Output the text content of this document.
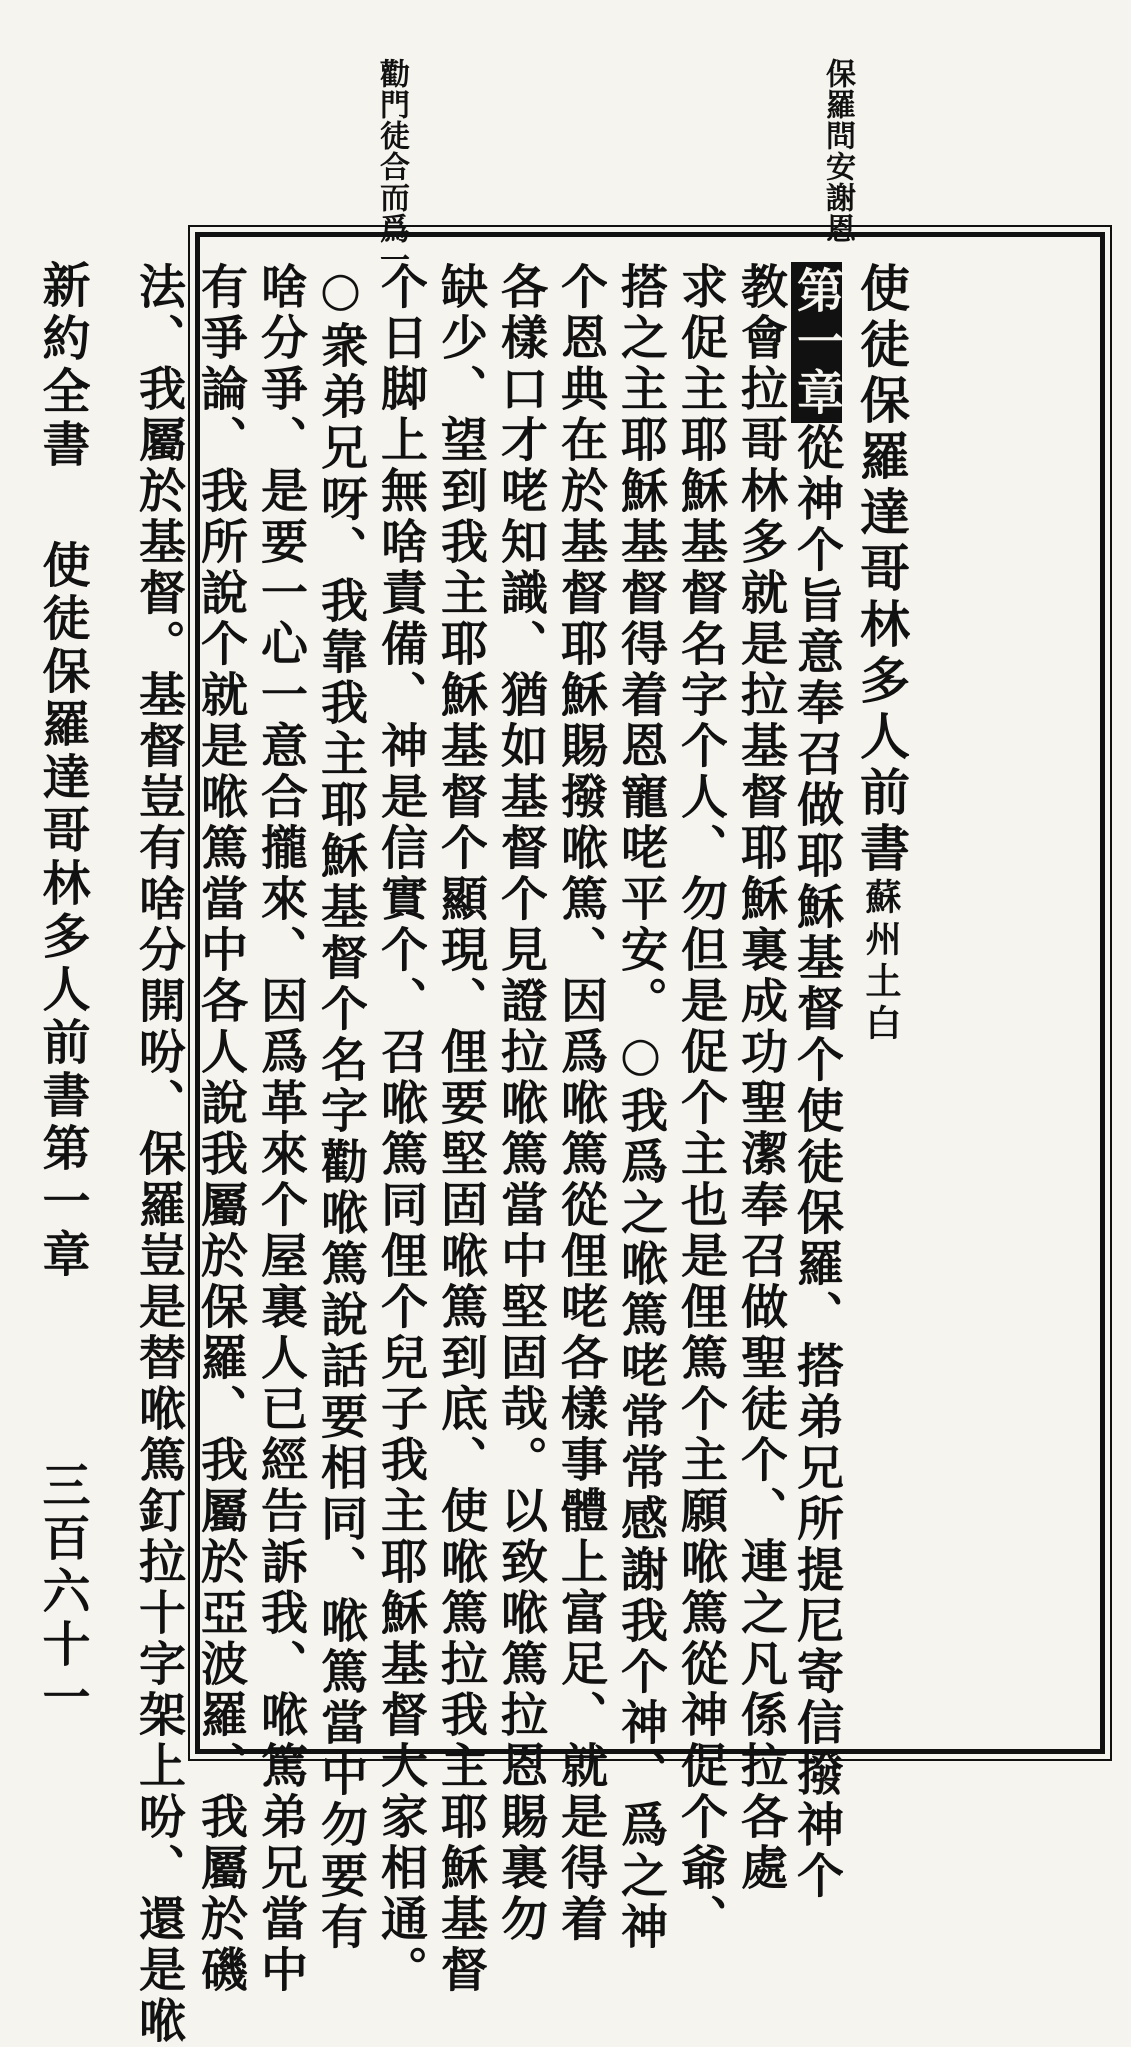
保羅問安謝恩
勸門徒合而爲一
使徒保羅達哥林多人前書蘇州土白
第一章從神个旨意奉召做耶穌基督个使徒保羅、搭弟兄所提尼寄信撥神个
教會拉哥林多就是拉基督耶穌裏成功聖潔奉召做聖徒个、連之凡係拉各處
求促主耶穌基督名字个人、勿但是促个主也是俚篤个主願𠵱篤從神促个爺、
搭之主耶穌基督得着恩寵咾平安。○我爲之𠵱篤咾常常感謝我个神、爲之神
个恩典在於基督耶穌賜撥𠵱篤、因爲𠵱篤從俚咾各樣事體上富足、就是得着
各樣口才咾知識、猶如基督个見證拉𠵱篤當中堅固哉。以致𠵱篤拉恩賜裏勿
缺少、望到我主耶穌基督个顯現、俚要堅固𠵱篤到底、使𠵱篤拉我主耶穌基督
个日脚上無啥責備、神是信實个、召𠵱篤同俚个兒子我主耶穌基督大家相通。
○衆弟兄呀、我靠我主耶穌基督个名字勸𠵱篤說話要相同、𠵱篤當中勿要有
啥分爭、是要一心一意合攏來、因爲革來个屋裏人已經告訴我、𠵱篤弟兄當中
有爭論、我所說个就是𠵱篤當中各人說我屬於保羅、我屬於亞波羅、我屬於磯
法、我屬於基督。基督豈有啥分開吩、保羅豈是替𠵱篤釘拉十字架上吩、還是𠵱
新約全書
使徒保羅達哥林多人前書第一章
三百六十一
